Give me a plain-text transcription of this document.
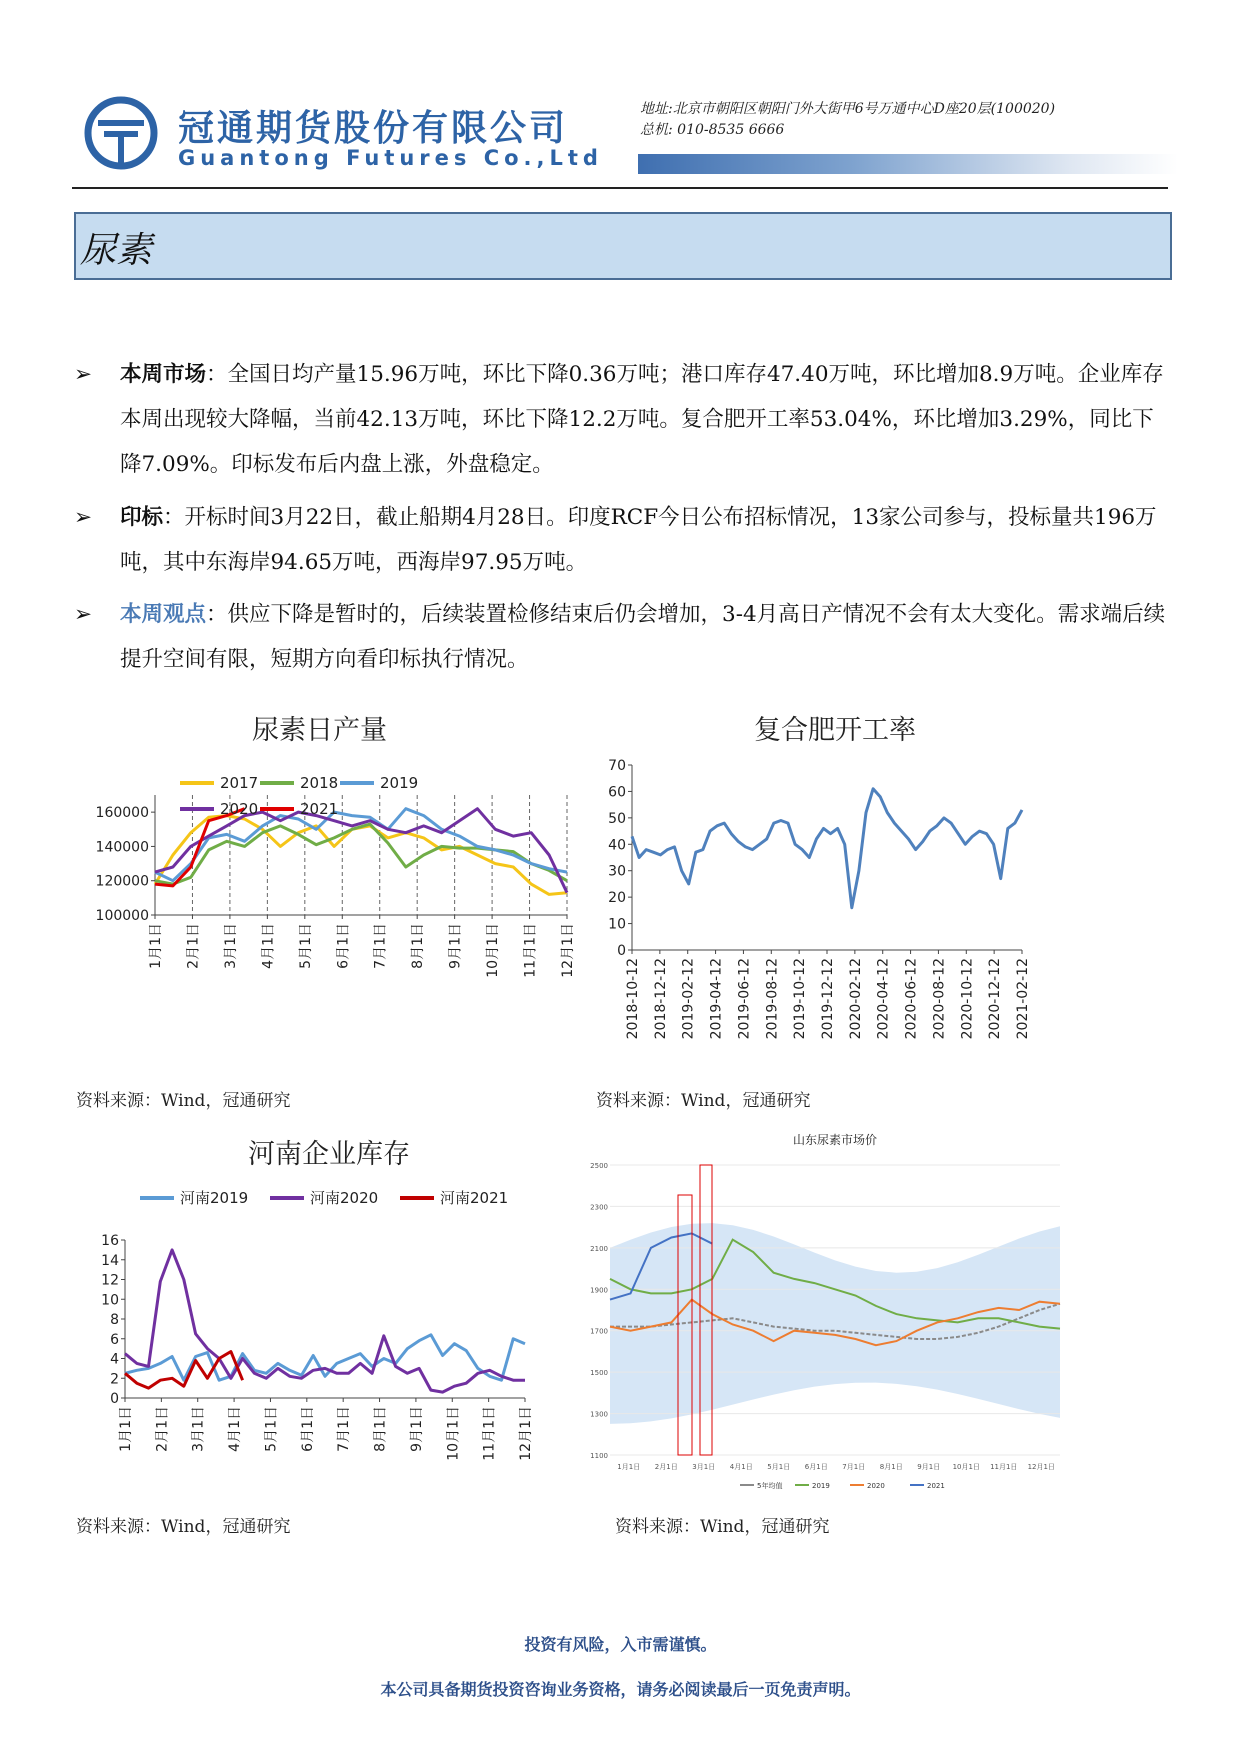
冠通期货股份有限公司
Guantong Futures Co.,Ltd
地址:北京市朝阳区朝阳门外大街甲6号万通中心D座20层(100020)
总机: 010-8535 6666
尿素
➢	本周市场：全国日均产量15.96万吨，环比下降0.36万吨；港口库存47.40万吨，环比增加8.9万吨。企业库存本周出现较大降幅，当前42.13万吨，环比下降12.2万吨。复合肥开工率53.04%，环比增加3.29%，同比下降7.09%。印标发布后内盘上涨，外盘稳定。
➢	印标：开标时间3月22日，截止船期4月28日。印度RCF今日公布招标情况，13家公司参与，投标量共196万吨，其中东海岸94.65万吨，西海岸97.95万吨。
➢	本周观点：供应下降是暂时的，后续装置检修结束后仍会增加，3-4月高日产情况不会有太大变化。需求端后续提升空间有限，短期方向看印标执行情况。
尿素日产量
100000
120000
140000
160000
1月1日 2月1日 3月1日 4月1日 5月1日 6月1日 7月1日 8月1日 9月1日 10月1日 11月1日 12月1日
2017	2018	2019
2020	2021
资料来源：Wind，冠通研究
复合肥开工率
0
10
20
30
40
50
60
70
2018-10-12 2018-12-12 2019-02-12 2019-04-12 2019-06-12 2019-08-12 2019-10-12 2019-12-12 2020-02-12 2020-04-12 2020-06-12 2020-08-12 2020-10-12 2020-12-12 2021-02-12
资料来源：Wind，冠通研究
河南企业库存
0
2
4
6
8
10
12
14
16
1月1日 2月1日 3月1日 4月1日 5月1日 6月1日 7月1日 8月1日 9月1日 10月1日 11月1日 12月1日
河南2019	河南2020	河南2021
资料来源：Wind，冠通研究
山东尿素市场价
1100
1300
1500
1700
1900
2100
2300
2500
1月1日 2月1日 3月1日 4月1日 5月1日 6月1日 7月1日 8月1日 9月1日 10月1日 11月1日 12月1日
5年均值	2019	2020	2021
资料来源：Wind，冠通研究
投资有风险，入市需谨慎。
本公司具备期货投资咨询业务资格，请务必阅读最后一页免责声明。
